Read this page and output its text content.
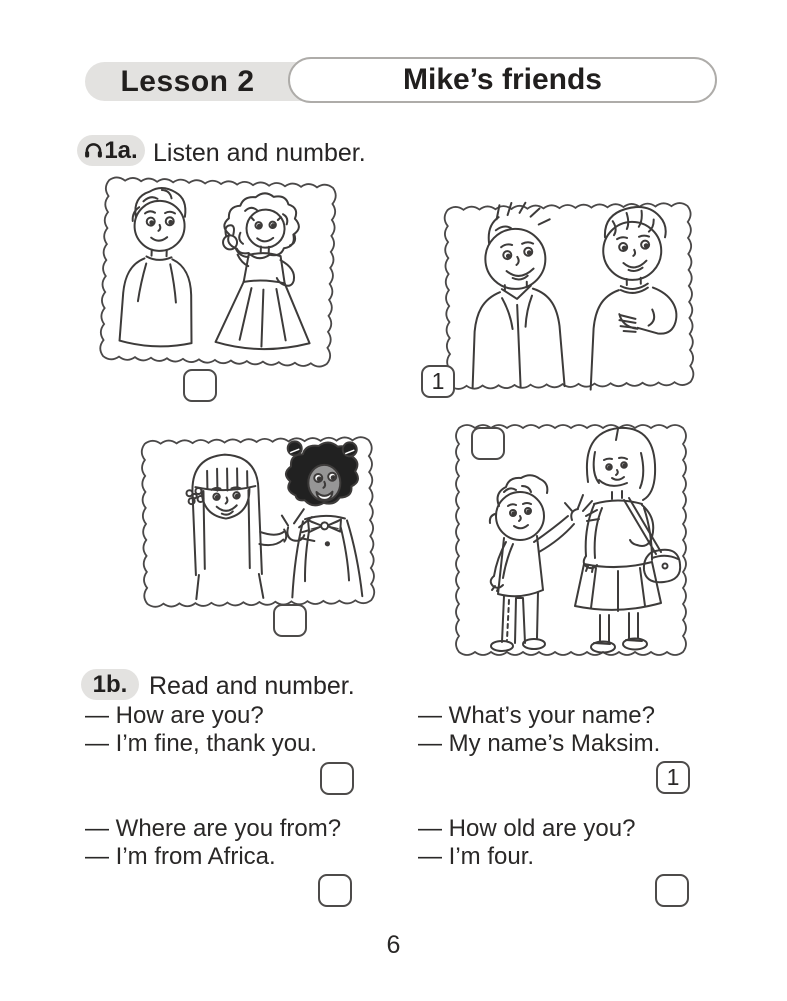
Lesson 2	Mike’s friends
1a. Listen and number.
1
1b. Read and number.
— How are you?
— I’m fine, thank you.
— What’s your name?
— My name’s Maksim.
— Where are you from?
— I’m from Africa.
— How old are you?
— I’m four.
1
6
